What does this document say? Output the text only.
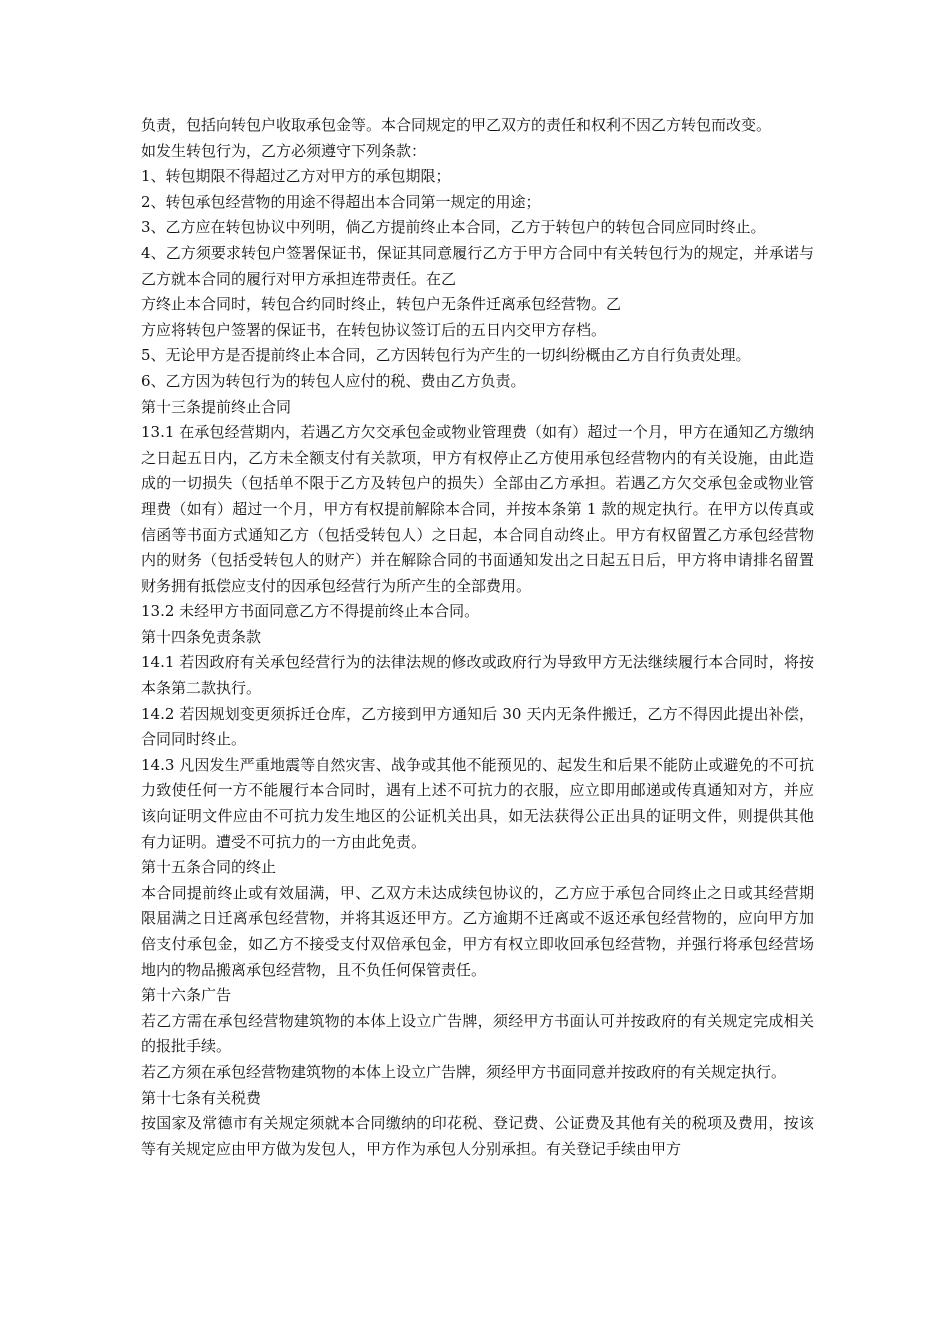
负责，包括向转包户收取承包金等。本合同规定的甲乙双方的责任和权利不因乙方转包而改变。

如发生转包行为，乙方必须遵守下列条款：

1、转包期限不得超过乙方对甲方的承包期限；

2、转包承包经营物的用途不得超出本合同第一规定的用途；

3、乙方应在转包协议中列明，倘乙方提前终止本合同，乙方于转包户的转包合同应同时终止。

4、乙方须要求转包户签署保证书，保证其同意履行乙方于甲方合同中有关转包行为的规定，并承诺与乙方就本合同的履行对甲方承担连带责任。在乙

方终止本合同时，转包合约同时终止，转包户无条件迁离承包经营物。乙

方应将转包户签署的保证书，在转包协议签订后的五日内交甲方存档。

5、无论甲方是否提前终止本合同，乙方因转包行为产生的一切纠纷概由乙方自行负责处理。

6、乙方因为转包行为的转包人应付的税、费由乙方负责。

第十三条提前终止合同

13.1 在承包经营期内，若遇乙方欠交承包金或物业管理费（如有）超过一个月，甲方在通知乙方缴纳之日起五日内，乙方未全额支付有关款项，甲方有权停止乙方使用承包经营物内的有关设施，由此造成的一切损失（包括单不限于乙方及转包户的损失）全部由乙方承担。若遇乙方欠交承包金或物业管理费（如有）超过一个月，甲方有权提前解除本合同，并按本条第 1 款的规定执行。在甲方以传真或信函等书面方式通知乙方（包括受转包人）之日起，本合同自动终止。甲方有权留置乙方承包经营物内的财务（包括受转包人的财产）并在解除合同的书面通知发出之日起五日后，甲方将申请排名留置财务拥有抵偿应支付的因承包经营行为所产生的全部费用。

13.2 未经甲方书面同意乙方不得提前终止本合同。

第十四条免责条款

14.1 若因政府有关承包经营行为的法律法规的修改或政府行为导致甲方无法继续履行本合同时，将按本条第二款执行。

14.2 若因规划变更须拆迁仓库，乙方接到甲方通知后 30 天内无条件搬迁，乙方不得因此提出补偿，合同同时终止。

14.3 凡因发生严重地震等自然灾害、战争或其他不能预见的、起发生和后果不能防止或避免的不可抗力致使任何一方不能履行本合同时，遇有上述不可抗力的衣服，应立即用邮递或传真通知对方，并应该向证明文件应由不可抗力发生地区的公证机关出具，如无法获得公正出具的证明文件，则提供其他有力证明。遭受不可抗力的一方由此免责。

第十五条合同的终止

本合同提前终止或有效届满，甲、乙双方未达成续包协议的，乙方应于承包合同终止之日或其经营期限届满之日迁离承包经营物，并将其返还甲方。乙方逾期不迁离或不返还承包经营物的，应向甲方加倍支付承包金，如乙方不接受支付双倍承包金，甲方有权立即收回承包经营物，并强行将承包经营场地内的物品搬离承包经营物，且不负任何保管责任。

第十六条广告

若乙方需在承包经营物建筑物的本体上设立广告牌，须经甲方书面认可并按政府的有关规定完成相关的报批手续。

若乙方须在承包经营物建筑物的本体上设立广告牌，须经甲方书面同意并按政府的有关规定执行。

第十七条有关税费

按国家及常德市有关规定须就本合同缴纳的印花税、登记费、公证费及其他有关的税项及费用，按该等有关规定应由甲方做为发包人，甲方作为承包人分别承担。有关登记手续由甲方
